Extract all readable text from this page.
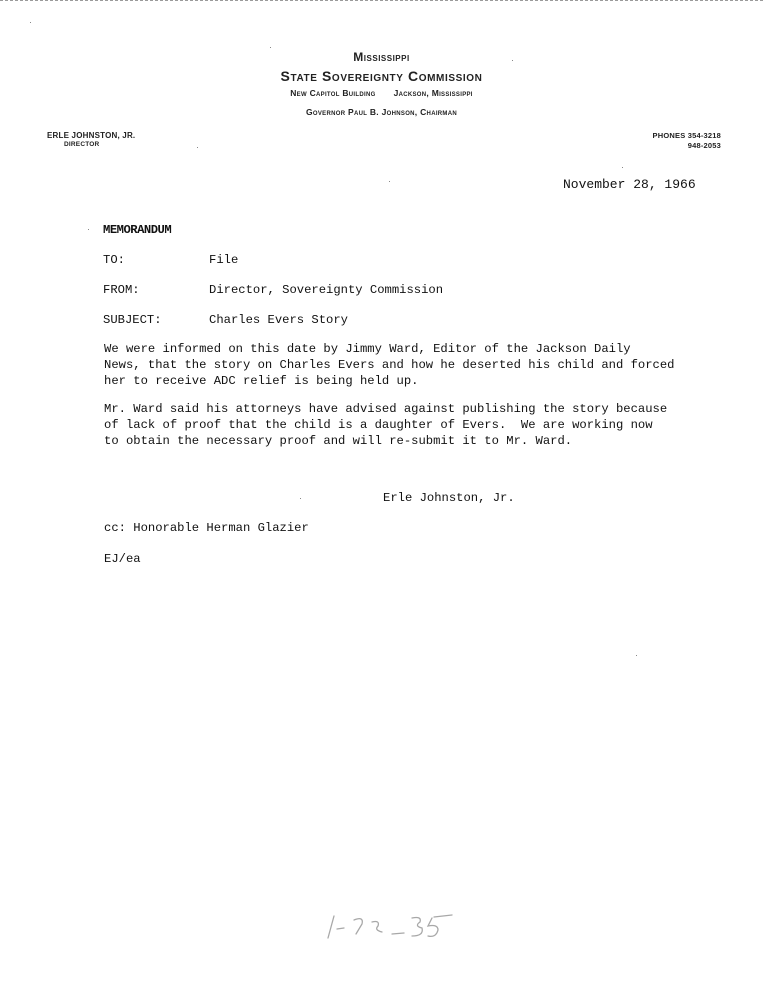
Mississippi
State Sovereignty Commission
New Capitol Building Jackson, Mississippi
Governor Paul B. Johnson, Chairman
ERLE JOHNSTON, JR.
DIRECTOR
PHONES 354-3218
948-2053
November 28, 1966
MEMORANDUM
TO:	File
FROM:	Director, Sovereignty Commission
SUBJECT:	Charles Evers Story
We were informed on this date by Jimmy Ward, Editor of the Jackson Daily
News, that the story on Charles Evers and how he deserted his child and forced
her to receive ADC relief is being held up.
Mr. Ward said his attorneys have advised against publishing the story because
of lack of proof that the child is a daughter of Evers.  We are working now
to obtain the necessary proof and will re-submit it to Mr. Ward.
Erle Johnston, Jr.
cc: Honorable Herman Glazier
EJ/ea
